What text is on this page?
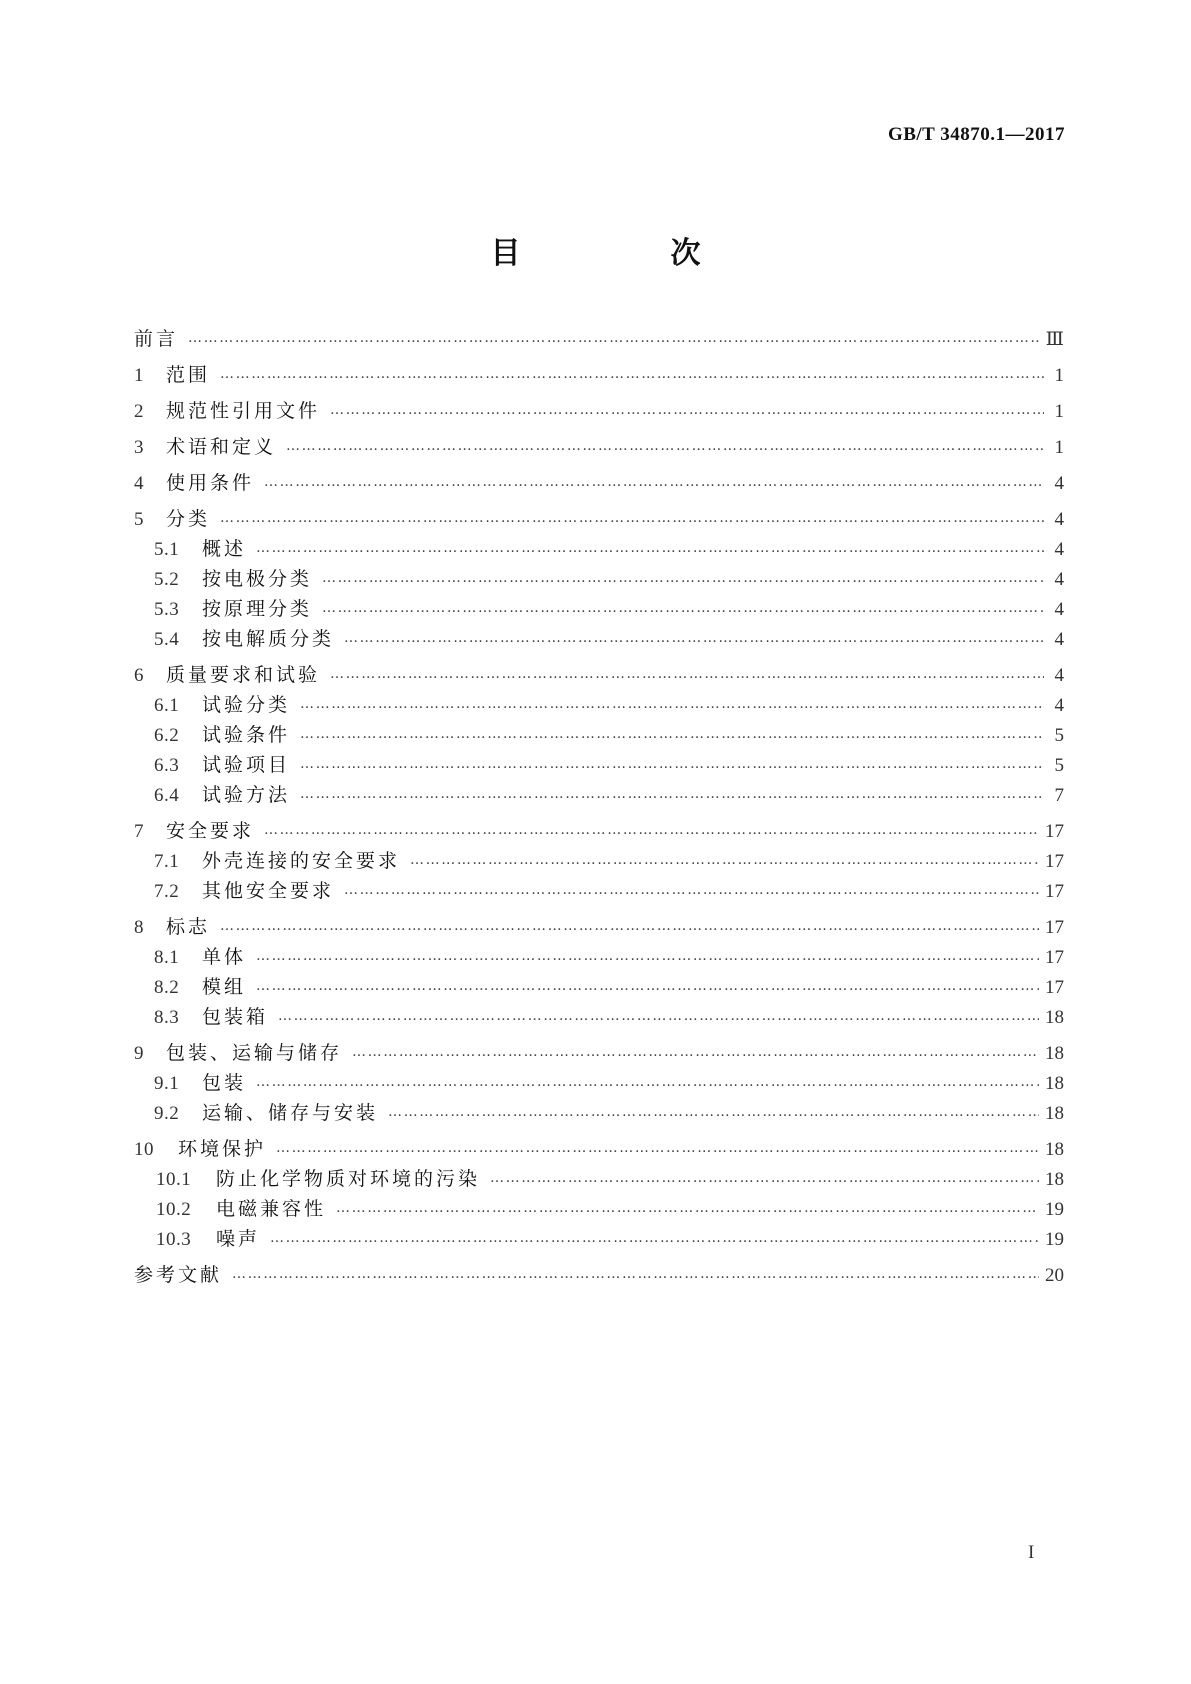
GB/T 34870.1—2017
目　次
前言 ……………………………………………………………………………………………………………………………………………………………………………………………………………………………………	Ⅲ
1	范围 ……………………………………………………………………………………………………………………………………………………………………………………………………………………………………	1
2	规范性引用文件 ……………………………………………………………………………………………………………………………………………………………………………………………………………………………………	1
3	术语和定义 ……………………………………………………………………………………………………………………………………………………………………………………………………………………………………	1
4	使用条件 ……………………………………………………………………………………………………………………………………………………………………………………………………………………………………	4
5	分类 ……………………………………………………………………………………………………………………………………………………………………………………………………………………………………	4
5.1	概述 ……………………………………………………………………………………………………………………………………………………………………………………………………………………………………	4
5.2	按电极分类 ……………………………………………………………………………………………………………………………………………………………………………………………………………………………………	4
5.3	按原理分类 ……………………………………………………………………………………………………………………………………………………………………………………………………………………………………	4
5.4	按电解质分类 ……………………………………………………………………………………………………………………………………………………………………………………………………………………………………	4
6	质量要求和试验 ……………………………………………………………………………………………………………………………………………………………………………………………………………………………………	4
6.1	试验分类 ……………………………………………………………………………………………………………………………………………………………………………………………………………………………………	4
6.2	试验条件 ……………………………………………………………………………………………………………………………………………………………………………………………………………………………………	5
6.3	试验项目 ……………………………………………………………………………………………………………………………………………………………………………………………………………………………………	5
6.4	试验方法 ……………………………………………………………………………………………………………………………………………………………………………………………………………………………………	7
7	安全要求 ……………………………………………………………………………………………………………………………………………………………………………………………………………………………………	17
7.1	外壳连接的安全要求 ……………………………………………………………………………………………………………………………………………………………………………………………………………………………………	17
7.2	其他安全要求 ……………………………………………………………………………………………………………………………………………………………………………………………………………………………………	17
8	标志 ……………………………………………………………………………………………………………………………………………………………………………………………………………………………………	17
8.1	单体 ……………………………………………………………………………………………………………………………………………………………………………………………………………………………………	17
8.2	模组 ……………………………………………………………………………………………………………………………………………………………………………………………………………………………………	17
8.3	包装箱 ……………………………………………………………………………………………………………………………………………………………………………………………………………………………………	18
9	包装、运输与储存 ……………………………………………………………………………………………………………………………………………………………………………………………………………………………………	18
9.1	包装 ……………………………………………………………………………………………………………………………………………………………………………………………………………………………………	18
9.2	运输、储存与安装 ……………………………………………………………………………………………………………………………………………………………………………………………………………………………………	18
10	环境保护 ……………………………………………………………………………………………………………………………………………………………………………………………………………………………………	18
10.1	防止化学物质对环境的污染 ……………………………………………………………………………………………………………………………………………………………………………………………………………………………………	18
10.2	电磁兼容性 ……………………………………………………………………………………………………………………………………………………………………………………………………………………………………	19
10.3	噪声 ……………………………………………………………………………………………………………………………………………………………………………………………………………………………………	19
参考文献 ……………………………………………………………………………………………………………………………………………………………………………………………………………………………………	20
I
